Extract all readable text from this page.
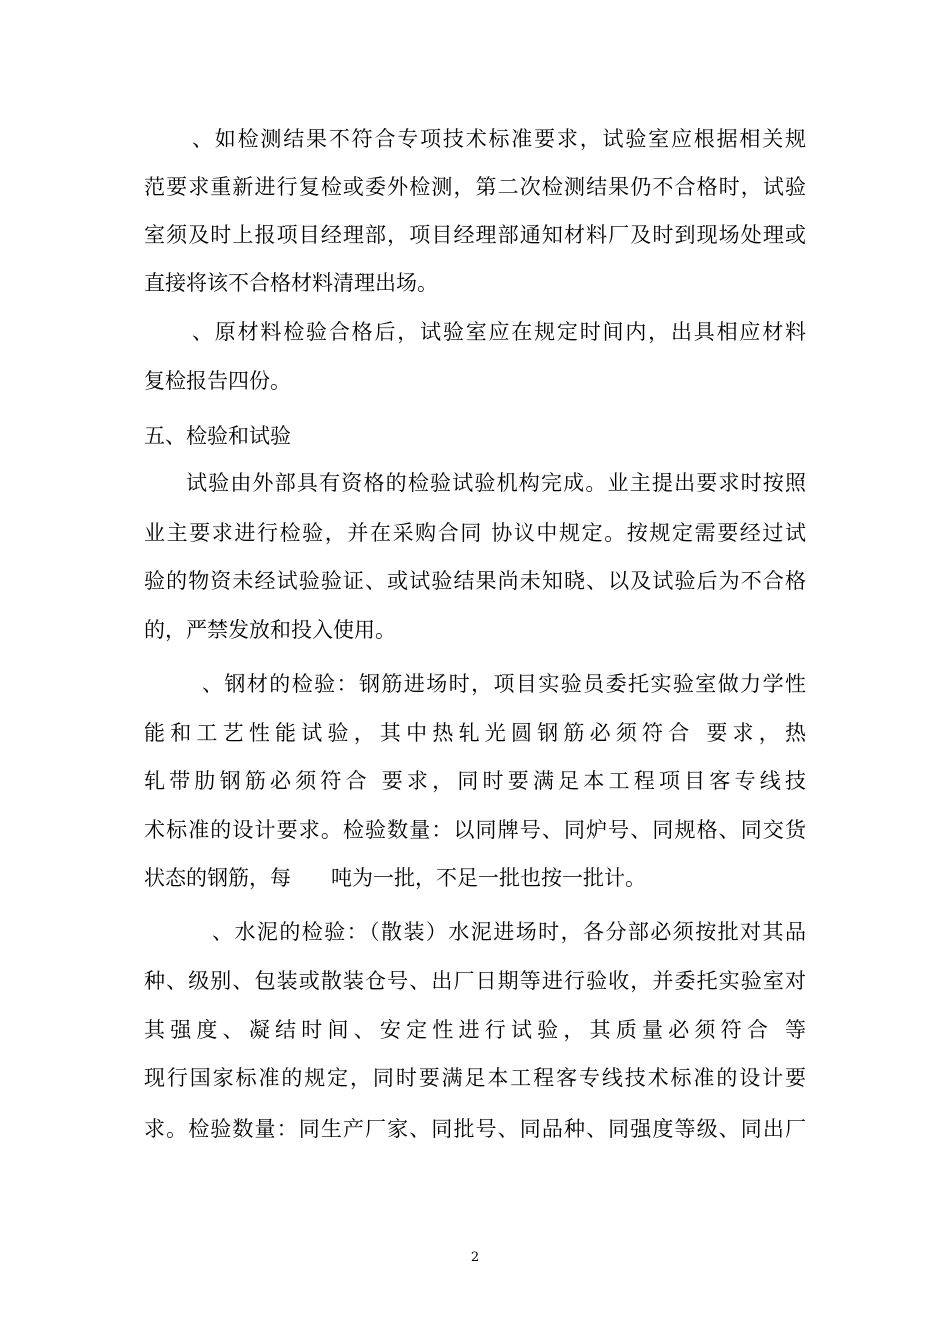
、如检测结果不符合专项技术标准要求，试验室应根据相关规

范要求重新进行复检或委外检测，第二次检测结果仍不合格时，试验

室须及时上报项目经理部，项目经理部通知材料厂及时到现场处理或

直接将该不合格材料清理出场。

、原材料检验合格后，试验室应在规定时间内，出具相应材料

复检报告四份。

五、检验和试验

试验由外部具有资格的检验试验机构完成。业主提出要求时按照

业主要求进行检验，并在采购合同 协议中规定。按规定需要经过试

验的物资未经试验验证、或试验结果尚未知晓、以及试验后为不合格

的，严禁发放和投入使用。

、钢材的检验：钢筋进场时，项目实验员委托实验室做力学性

能和工艺性能试验，其中热轧光圆钢筋必须符合 要求，热

轧带肋钢筋必须符合 要求，同时要满足本工程项目客专线技

术标准的设计要求。检验数量：以同牌号、同炉号、同规格、同交货

状态的钢筋，每      吨为一批，不足一批也按一批计。

、水泥的检验：（散装）水泥进场时，各分部必须按批对其品

种、级别、包装或散装仓号、出厂日期等进行验收，并委托实验室对

其强度、凝结时间、安定性进行试验，其质量必须符合 等

现行国家标准的规定，同时要满足本工程客专线技术标准的设计要

求。检验数量：同生产厂家、同批号、同品种、同强度等级、同出厂

2
